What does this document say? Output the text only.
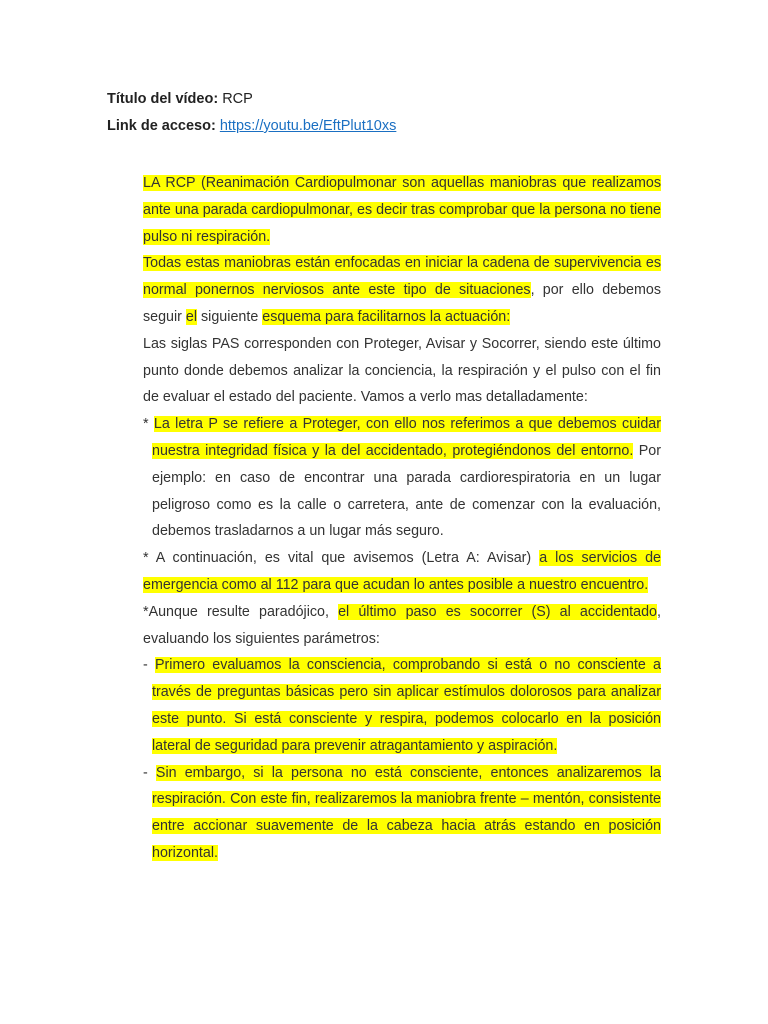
Título del vídeo: RCP
Link de acceso: https://youtu.be/EftPlut10xs

LA RCP (Reanimación Cardiopulmonar son aquellas maniobras que realizamos ante una parada cardiopulmonar, es decir tras comprobar que la persona no tiene pulso ni respiración.

Todas estas maniobras están enfocadas en iniciar la cadena de supervivencia es normal ponernos nerviosos ante este tipo de situaciones, por ello debemos seguir el siguiente esquema para facilitarnos la actuación:

Las siglas PAS corresponden con Proteger, Avisar y Socorrer, siendo este último punto donde debemos analizar la conciencia, la respiración y el pulso con el fin de evaluar el estado del paciente. Vamos a verlo mas detalladamente:

* La letra P se refiere a Proteger, con ello nos referimos a que debemos cuidar nuestra integridad física y la del accidentado, protegiéndonos del entorno. Por ejemplo: en caso de encontrar una parada cardiorespiratoria en un lugar peligroso como es la calle o carretera, ante de comenzar con la evaluación, debemos trasladarnos a un lugar más seguro.

* A continuación, es vital que avisemos (Letra A: Avisar) a los servicios de emergencia como al 112 para que acudan lo antes posible a nuestro encuentro.

*Aunque resulte paradójico, el último paso es socorrer (S) al accidentado, evaluando los siguientes parámetros:

- Primero evaluamos la consciencia, comprobando si está o no consciente a través de preguntas básicas pero sin aplicar estímulos dolorosos para analizar este punto. Si está consciente y respira, podemos colocarlo en la posición lateral de seguridad para prevenir atragantamiento y aspiración.

- Sin embargo, si la persona no está consciente, entonces analizaremos la respiración. Con este fin, realizaremos la maniobra frente – mentón, consistente entre accionar suavemente de la cabeza hacia atrás estando en posición horizontal.
